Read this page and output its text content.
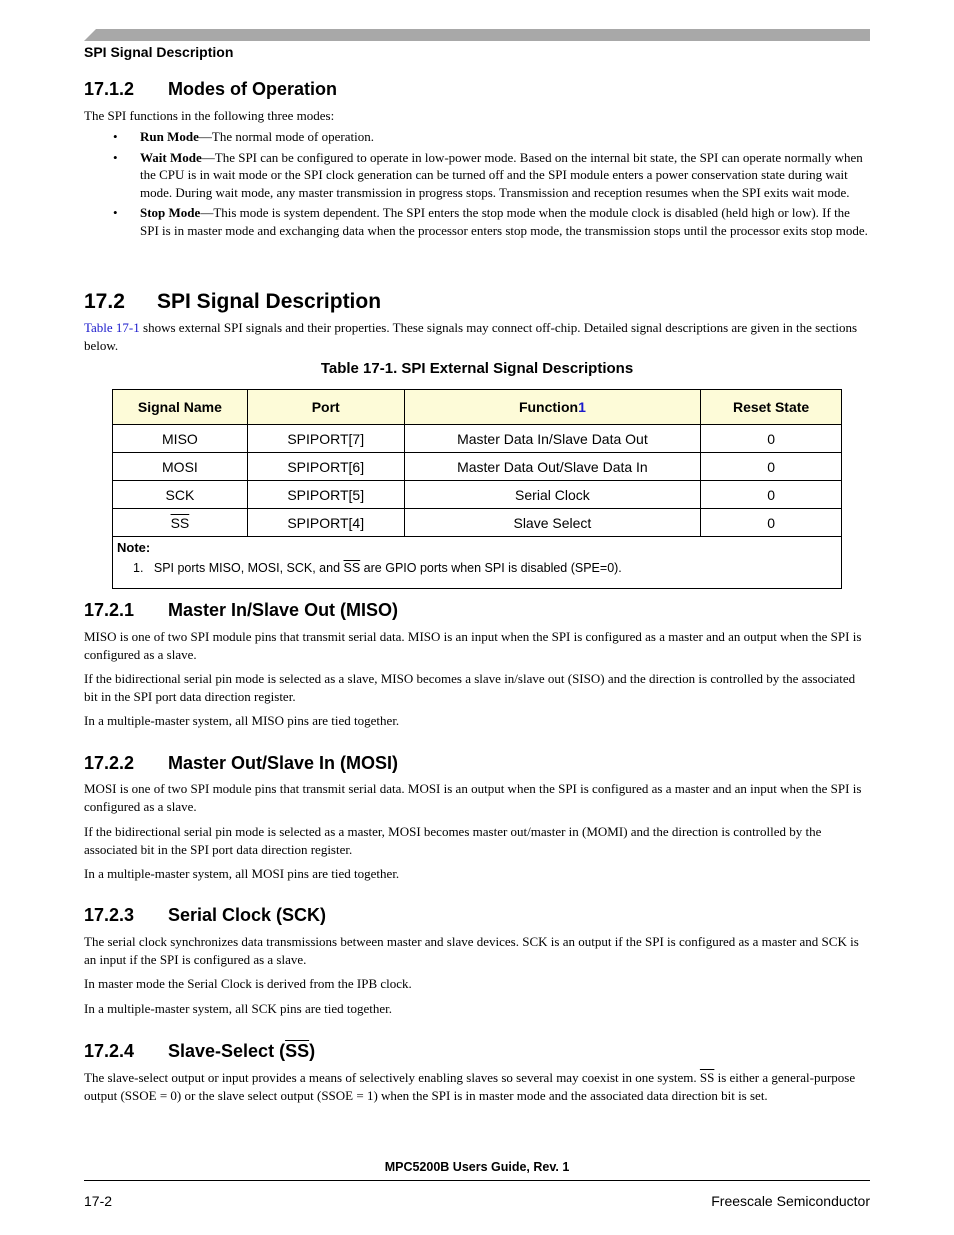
SPI Signal Description
17.1.2 Modes of Operation
The SPI functions in the following three modes:
• Run Mode—The normal mode of operation.
• Wait Mode—The SPI can be configured to operate in low-power mode. Based on the internal bit state, the SPI can operate normally when the CPU is in wait mode or the SPI clock generation can be turned off and the SPI module enters a power conservation state during wait mode. During wait mode, any master transmission in progress stops. Transmission and reception resumes when the SPI exits wait mode.
• Stop Mode—This mode is system dependent. The SPI enters the stop mode when the module clock is disabled (held high or low). If the SPI is in master mode and exchanging data when the processor enters stop mode, the transmission stops until the processor exits stop mode.
17.2 SPI Signal Description
Table 17-1 shows external SPI signals and their properties. These signals may connect off-chip. Detailed signal descriptions are given in the sections below.
Table 17-1. SPI External Signal Descriptions
Signal Name	Port	Function1	Reset State
MISO	SPIPORT[7]	Master Data In/Slave Data Out	0
MOSI	SPIPORT[6]	Master Data Out/Slave Data In	0
SCK	SPIPORT[5]	Serial Clock	0
$\overline{SS}$	SPIPORT[4]	Slave Select	0

Note:
1. SPI ports MISO, MOSI, SCK, and $\overline{SS}$ are GPIO ports when SPI is disabled (SPE=0).			
17.2.1 Master In/Slave Out (MISO)
MISO is one of two SPI module pins that transmit serial data. MISO is an input when the SPI is configured as a master and an output when the SPI is configured as a slave.
If the bidirectional serial pin mode is selected as a slave, MISO becomes a slave in/slave out (SISO) and the direction is controlled by the associated bit in the SPI port data direction register.
In a multiple-master system, all MISO pins are tied together.
17.2.2 Master Out/Slave In (MOSI)
MOSI is one of two SPI module pins that transmit serial data. MOSI is an output when the SPI is configured as a master and an input when the SPI is configured as a slave.
If the bidirectional serial pin mode is selected as a master, MOSI becomes master out/master in (MOMI) and the direction is controlled by the associated bit in the SPI port data direction register.
In a multiple-master system, all MOSI pins are tied together.
17.2.3 Serial Clock (SCK)
The serial clock synchronizes data transmissions between master and slave devices. SCK is an output if the SPI is configured as a master and SCK is an input if the SPI is configured as a slave.
In master mode the Serial Clock is derived from the IPB clock.
In a multiple-master system, all SCK pins are tied together.
17.2.4 Slave-Select $(\overline{SS})$
The slave-select output or input provides a means of selectively enabling slaves so several may coexist in one system. $\overline{SS}$ is either a general-purpose output (SSOE = 0) or the slave select output (SSOE = 1) when the SPI is in master mode and the associated data direction bit is set.
MPC5200B Users Guide, Rev. 1
17-2	Freescale Semiconductor
